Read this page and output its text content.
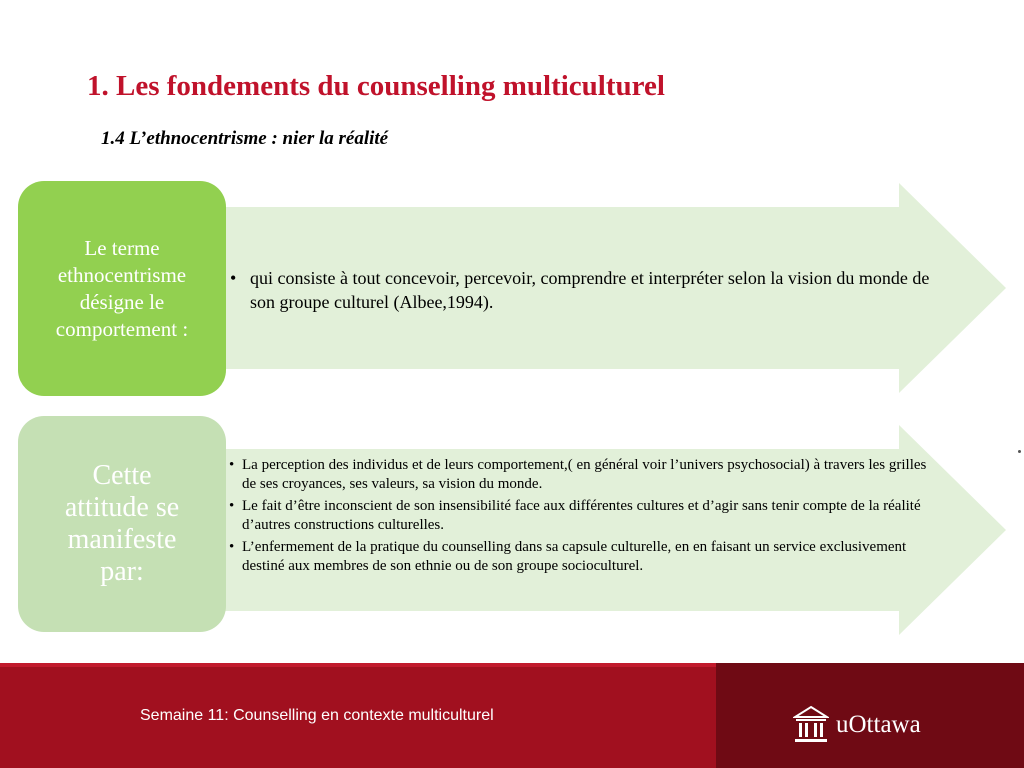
1. Les fondements du counselling multiculturel
1.4 L’ethnocentrisme : nier la réalité
Le terme
ethnocentrisme
désigne le
comportement :
• qui consiste à tout concevoir, percevoir, comprendre et interpréter selon la vision du monde de son groupe culturel (Albee,1994).
Cette
attitude se
manifeste
par:
• La perception des individus et de leurs comportement,( en général voir l’univers psychosocial) à travers les grilles de ses croyances, ses valeurs, sa vision du monde.
• Le fait d’être inconscient de son insensibilité face aux différentes cultures et d’agir sans tenir compte de la réalité d’autres constructions culturelles.
• L’enfermement de la pratique du counselling dans sa capsule culturelle, en en faisant un service exclusivement destiné aux membres de son ethnie ou de son groupe socioculturel.

Semaine 11: Counselling en contexte multiculturel	uOttawa
